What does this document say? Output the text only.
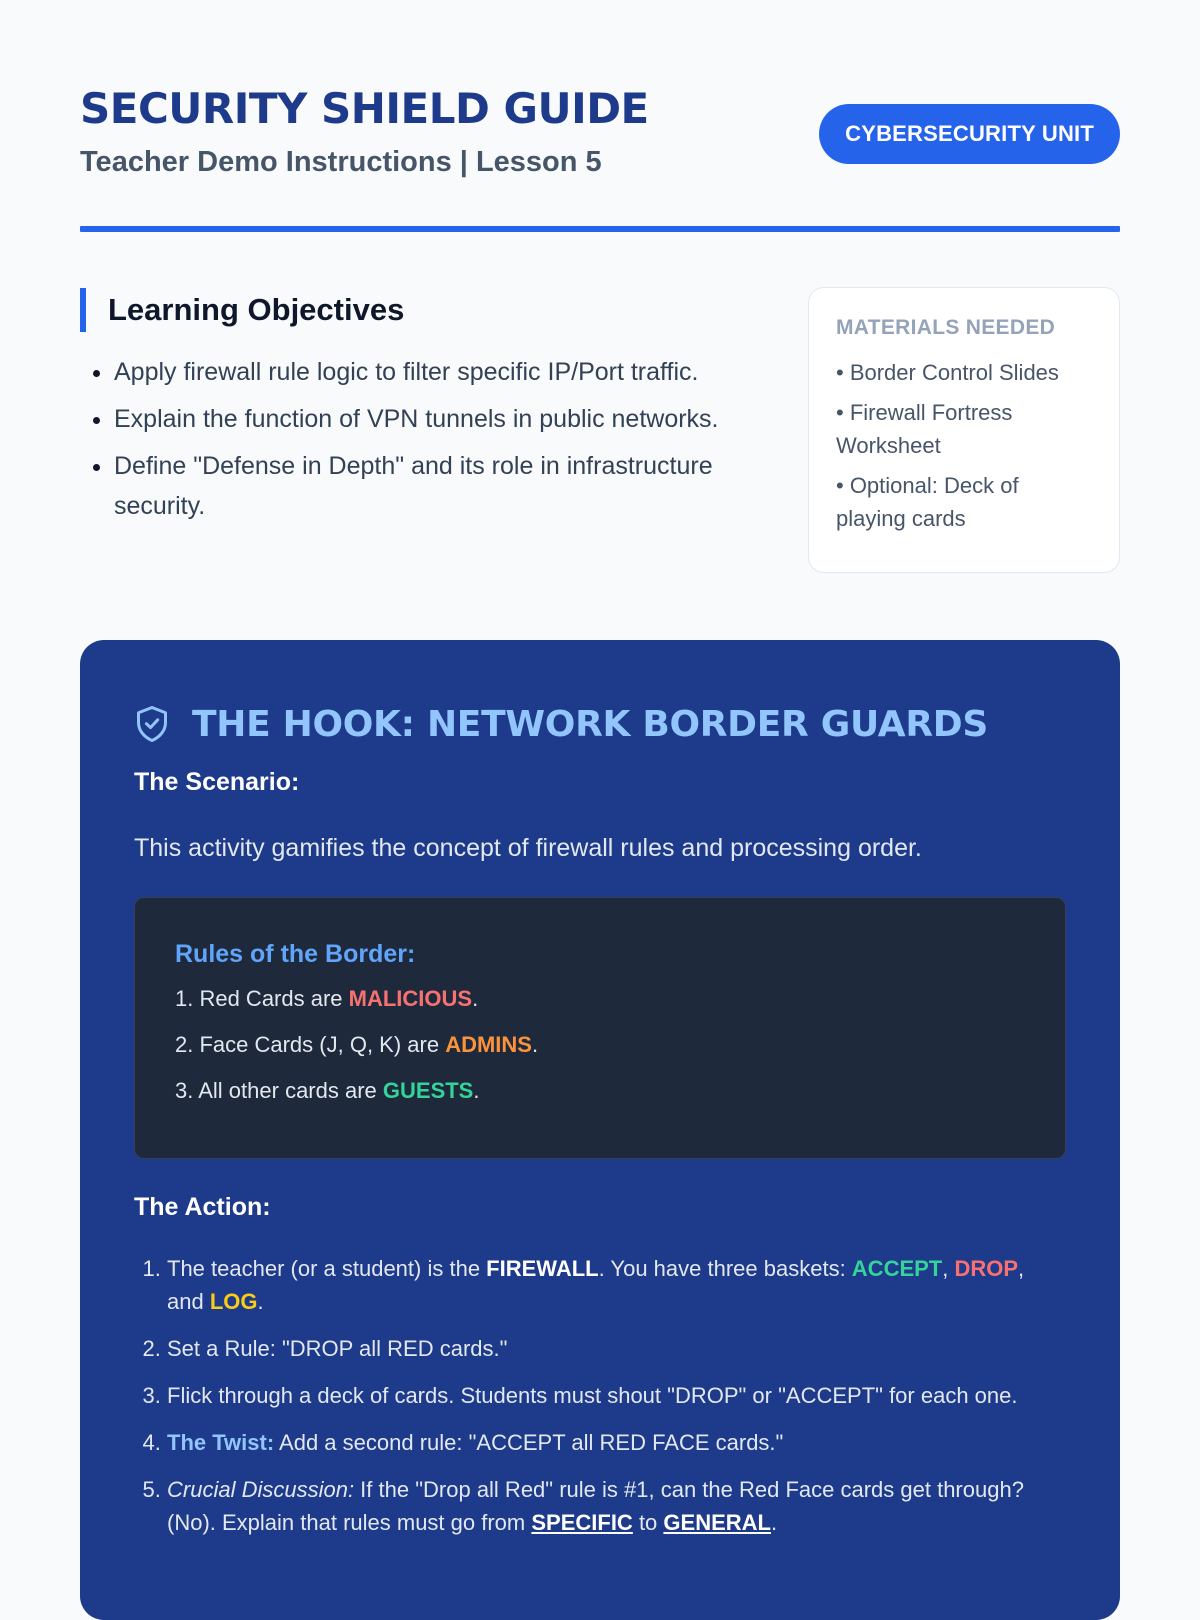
SECURITY SHIELD GUIDE
Teacher Demo Instructions | Lesson 5
CYBERSECURITY UNIT
Learning Objectives
• Apply firewall rule logic to filter specific IP/Port traffic.
• Explain the function of VPN tunnels in public networks.
• Define "Defense in Depth" and its role in infrastructure security.
MATERIALS NEEDED
• Border Control Slides
• Firewall Fortress Worksheet
• Optional: Deck of playing cards
THE HOOK: NETWORK BORDER GUARDS

The Scenario:

This activity gamifies the concept of firewall rules and processing order.

Rules of the Border:
1. Red Cards are MALICIOUS.
2. Face Cards (J, Q, K) are ADMINS.
3. All other cards are GUESTS.

The Action:

1. The teacher (or a student) is the FIREWALL. You have three baskets: ACCEPT, DROP, and LOG.
2. Set a Rule: "DROP all RED cards."
3. Flick through a deck of cards. Students must shout "DROP" or "ACCEPT" for each one.
4. The Twist: Add a second rule: "ACCEPT all RED FACE cards."
5. Crucial Discussion: If the "Drop all Red" rule is #1, can the Red Face cards get through? (No). Explain that rules must go from SPECIFIC to GENERAL.
